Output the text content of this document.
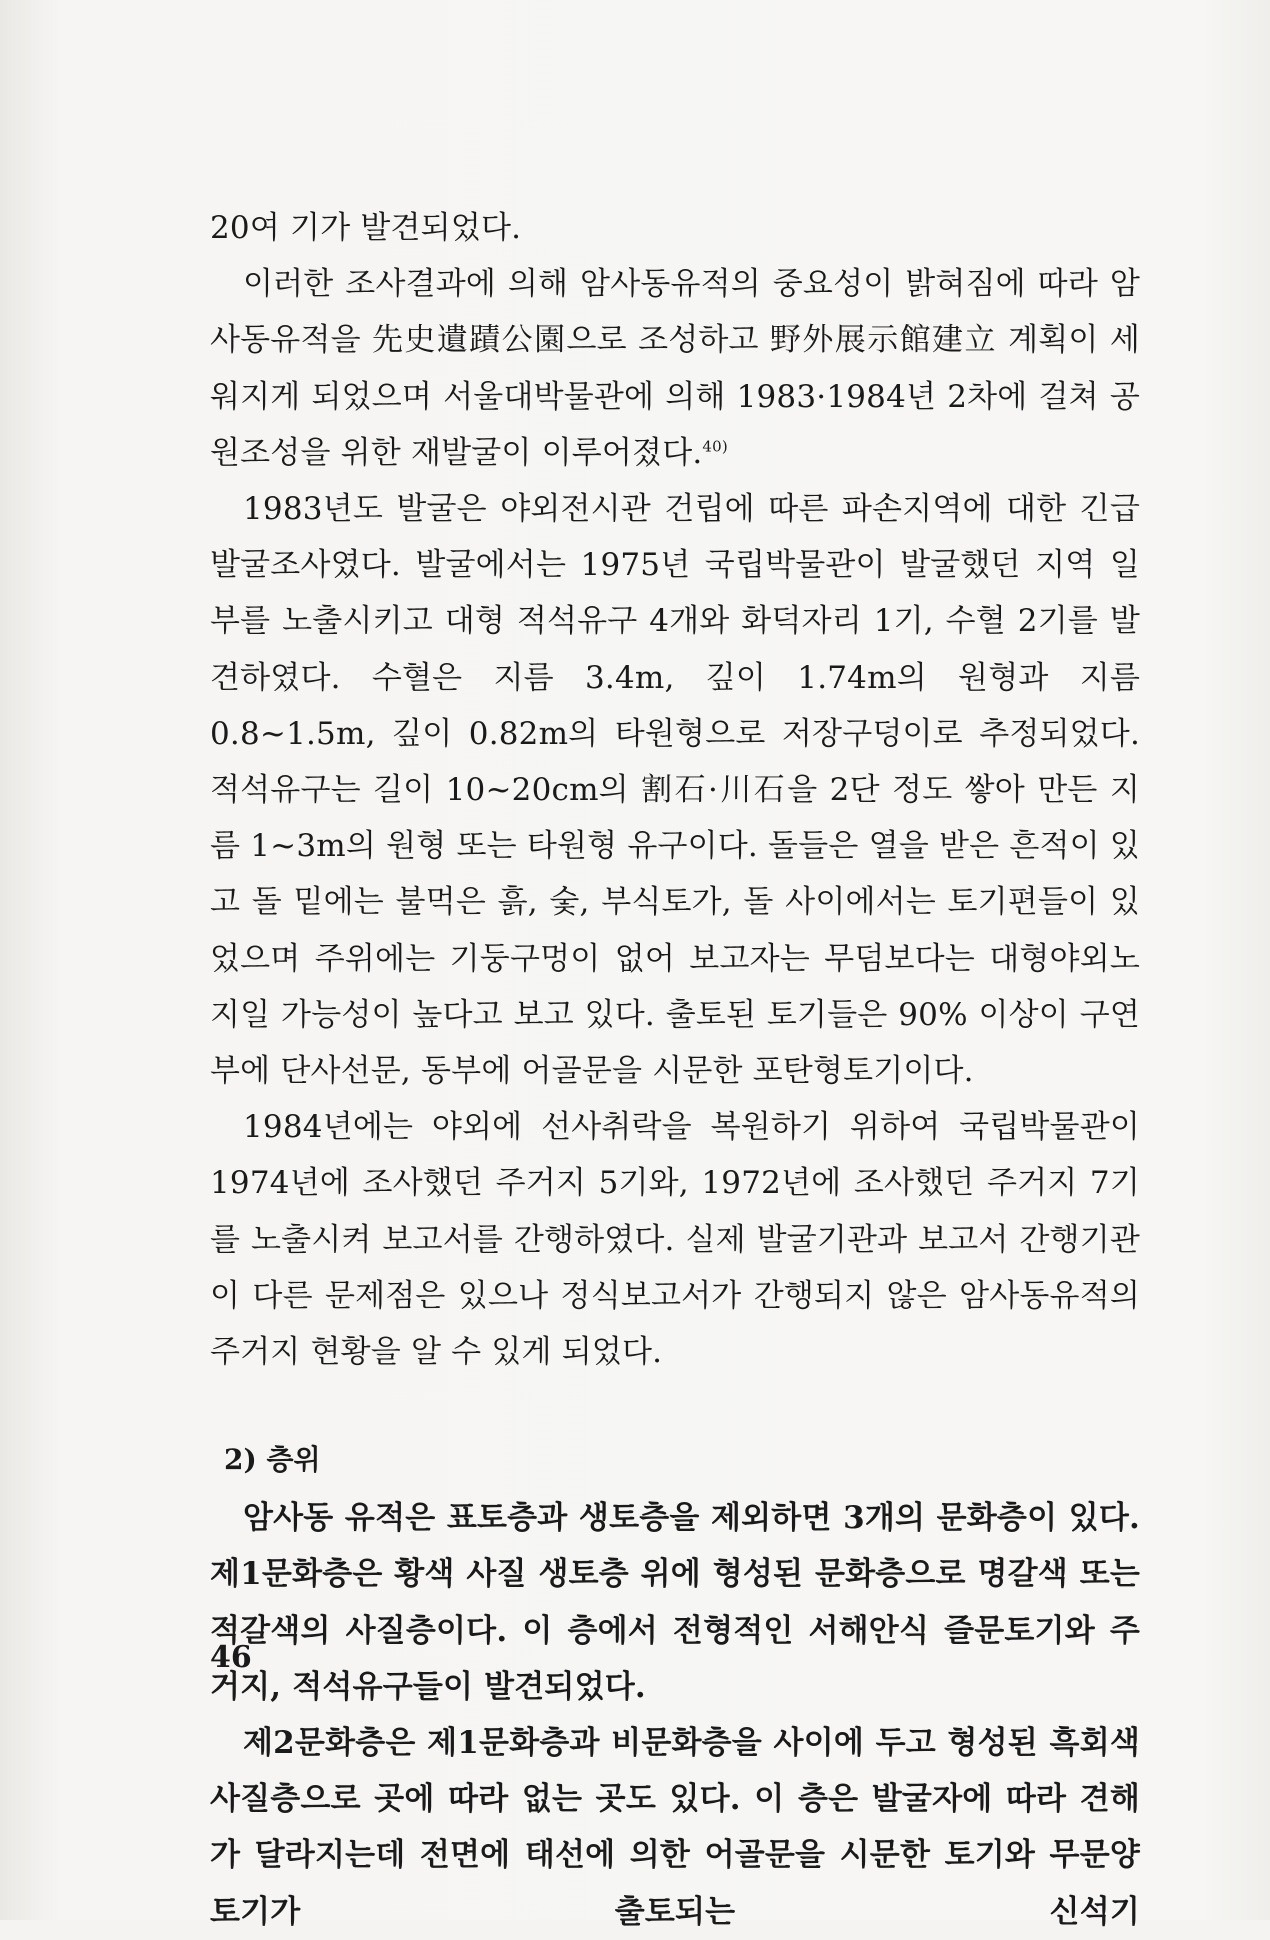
20여 기가 발견되었다.

이러한 조사결과에 의해 암사동유적의 중요성이 밝혀짐에 따라 암사동유적을 先史遺蹟公園으로 조성하고 野外展示館建立 계획이 세워지게 되었으며 서울대박물관에 의해 1983·1984년 2차에 걸쳐 공원조성을 위한 재발굴이 이루어졌다.$^{40)}$

1983년도 발굴은 야외전시관 건립에 따른 파손지역에 대한 긴급발굴조사였다. 발굴에서는 1975년 국립박물관이 발굴했던 지역 일부를 노출시키고 대형 적석유구 4개와 화덕자리 1기, 수혈 2기를 발견하였다. 수혈은 지름 3.4m, 깊이 1.74m의 원형과 지름 0.8~1.5m, 깊이 0.82m의 타원형으로 저장구덩이로 추정되었다. 적석유구는 길이 10~20cm의 割石·川石을 2단 정도 쌓아 만든 지름 1~3m의 원형 또는 타원형 유구이다. 돌들은 열을 받은 흔적이 있고 돌 밑에는 불먹은 흙, 숯, 부식토가, 돌 사이에서는 토기편들이 있었으며 주위에는 기둥구멍이 없어 보고자는 무덤보다는 대형야외노지일 가능성이 높다고 보고 있다. 출토된 토기들은 90% 이상이 구연부에 단사선문, 동부에 어골문을 시문한 포탄형토기이다.

1984년에는 야외에 선사취락을 복원하기 위하여 국립박물관이 1974년에 조사했던 주거지 5기와, 1972년에 조사했던 주거지 7기를 노출시켜 보고서를 간행하였다. 실제 발굴기관과 보고서 간행기관이 다른 문제점은 있으나 정식보고서가 간행되지 않은 암사동유적의 주거지 현황을 알 수 있게 되었다.

2) 층위

암사동 유적은 표토층과 생토층을 제외하면 3개의 문화층이 있다. 제1문화층은 황색 사질 생토층 위에 형성된 문화층으로 명갈색 또는 적갈색의 사질층이다. 이 층에서 전형적인 서해안식 즐문토기와 주거지, 적석유구들이 발견되었다.

제2문화층은 제1문화층과 비문화층을 사이에 두고 형성된 흑회색 사질층으로 곳에 따라 없는 곳도 있다. 이 층은 발굴자에 따라 견해가 달라지는데 전면에 태선에 의한 어골문을 시문한 토기와 무문양토기가 출토되는 신석기

46
